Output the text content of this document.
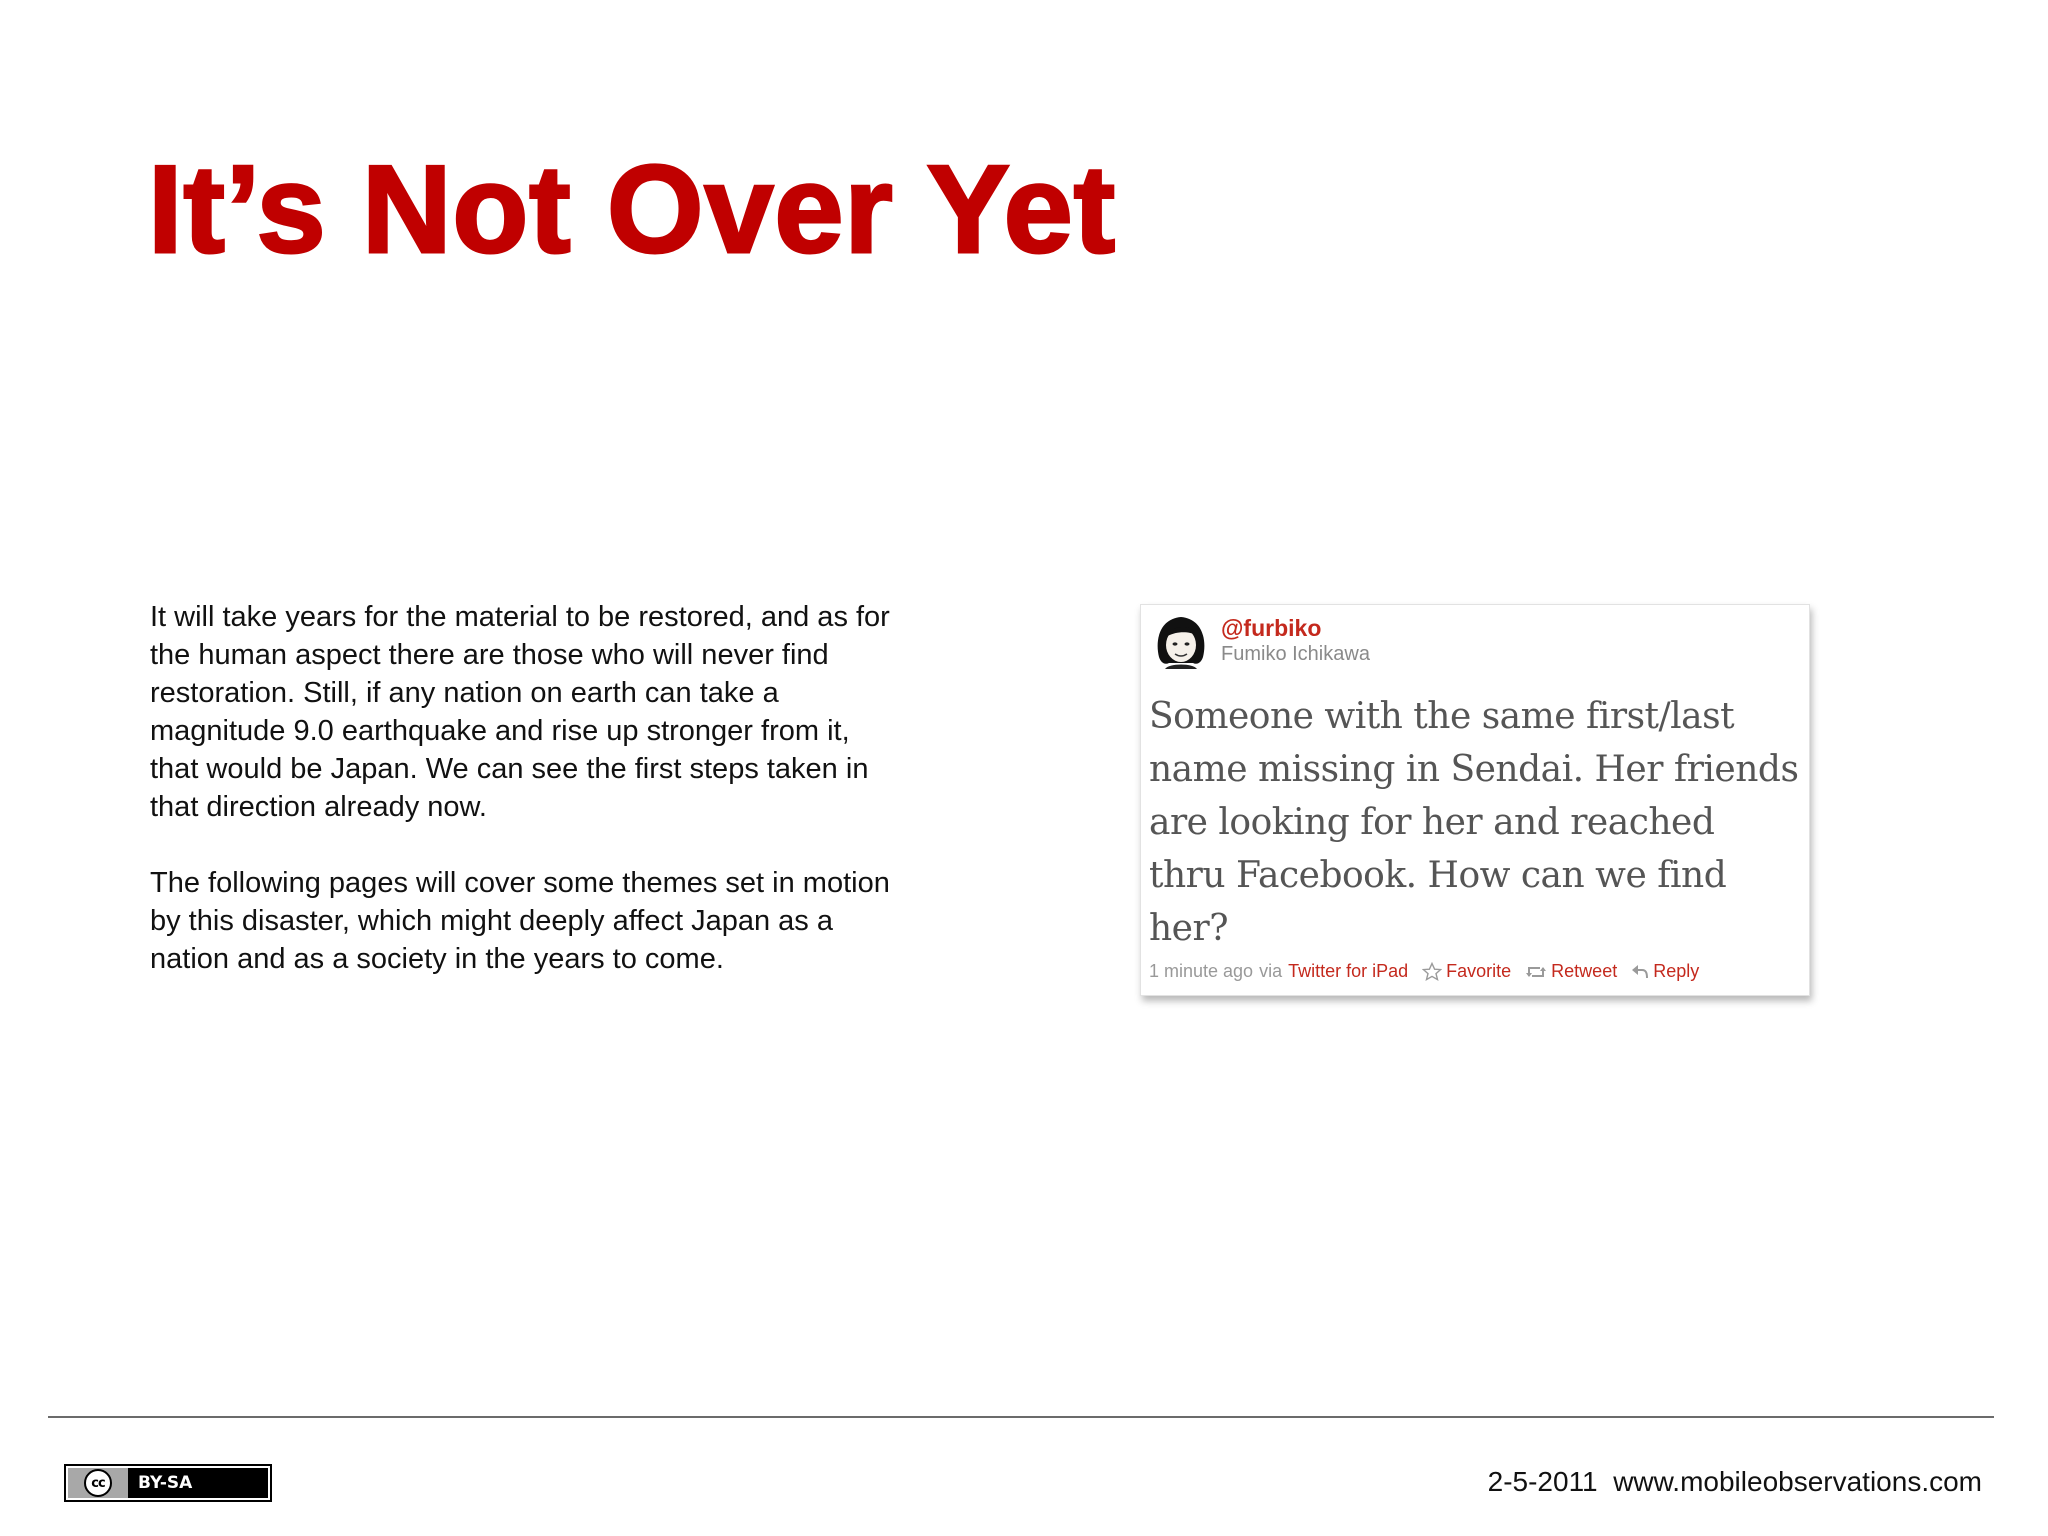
It’s Not Over Yet

It will take years for the material to be restored, and as for the human aspect there are those who will never find restoration. Still, if any nation on earth can take a magnitude 9.0 earthquake and rise up stronger from it, that would be Japan. We can see the first steps taken in that direction already now.

The following pages will cover some themes set in motion by this disaster, which might deeply affect Japan as a nation and as a society in the years to come.

@furbiko
Fumiko Ichikawa
Someone with the same first/last name missing in Sendai. Her friends are looking for her and reached thru Facebook. How can we find her?
1 minute ago via Twitter for iPad Favorite Retweet Reply
cc	BY-SA	2-5-2011  www.mobileobservations.com
